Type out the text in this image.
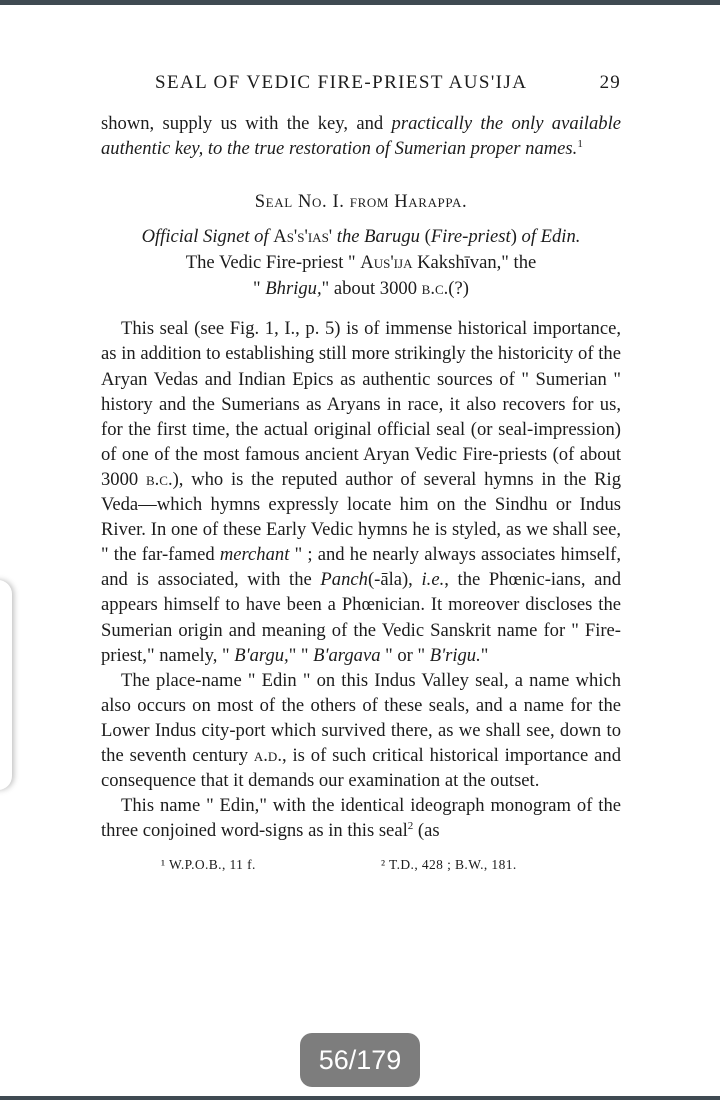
SEAL OF VEDIC FIRE-PRIEST AUS'IJA	29

shown, supply us with the key, and practically the only available authentic key, to the true restoration of Sumerian proper names.$^1$

Seal No. I. from Harappa.
Official Signet of As's'ias' the Barugu (Fire-priest) of Edin.
The Vedic Fire-priest " Aus'ija Kakshīvan," the
" Bhrigu," about 3000 b.c.(?)

This seal (see Fig. 1, I., p. 5) is of immense historical importance, as in addition to establishing still more strikingly the historicity of the Aryan Vedas and Indian Epics as authentic sources of " Sumerian " history and the Sumerians as Aryans in race, it also recovers for us, for the first time, the actual original official seal (or seal-impression) of one of the most famous ancient Aryan Vedic Fire-priests (of about 3000 b.c.), who is the reputed author of several hymns in the Rig Veda—which hymns expressly locate him on the Sindhu or Indus River. In one of these Early Vedic hymns he is styled, as we shall see, " the far-famed merchant " ; and he nearly always associates himself, and is associated, with the Panch(-āla), i.e., the Phœnic-ians, and appears himself to have been a Phœnician. It moreover discloses the Sumerian origin and meaning of the Vedic Sanskrit name for " Fire-priest," namely, " B'argu," " B'argava " or " B'rigu."

The place-name " Edin " on this Indus Valley seal, a name which also occurs on most of the others of these seals, and a name for the Lower Indus city-port which survived there, as we shall see, down to the seventh century a.d., is of such critical historical importance and consequence that it demands our examination at the outset.

This name " Edin," with the identical ideograph monogram of the three conjoined word-signs as in this seal$^2$ (as

¹ W.P.O.B., 11 f.	² T.D., 428 ; B.W., 181.
56/179
